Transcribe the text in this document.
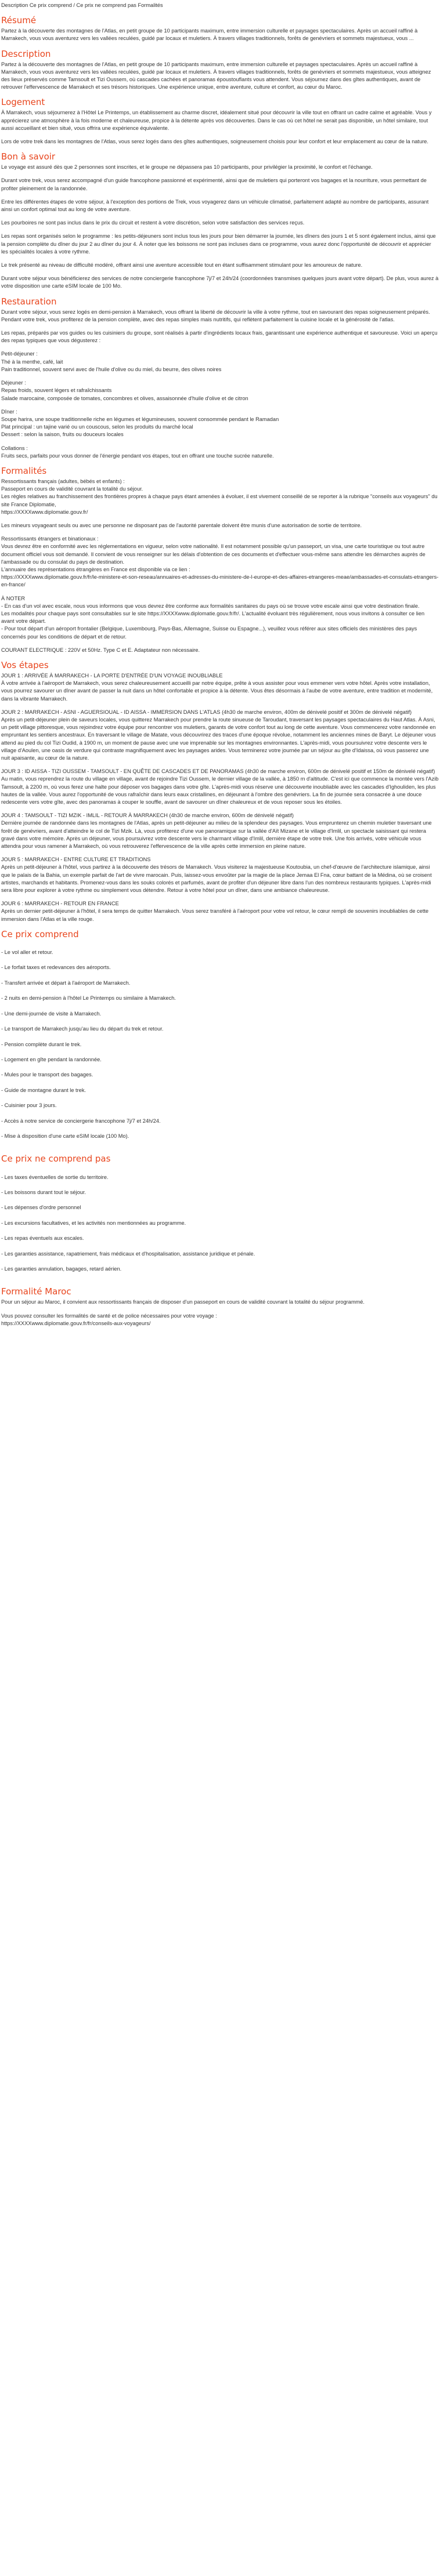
Description Ce prix comprend / Ce prix ne comprend pas Formalités
Résumé
Partez à la découverte des montagnes de l'Atlas, en petit groupe de 10 participants maximum, entre immersion culturelle et paysages spectaculaires. Après un accueil raffiné à Marrakech, vous vous aventurez vers les vallées reculées, guidé par locaux et muletiers. À travers villages traditionnels, forêts de genévriers et sommets majestueux, vous ...
Description
Partez à la découverte des montagnes de l'Atlas, en petit groupe de 10 participants maximum, entre immersion culturelle et paysages spectaculaires. Après un accueil raffiné à Marrakech, vous vous aventurez vers les vallées reculées, guidé par locaux et muletiers. À travers villages traditionnels, forêts de genévriers et sommets majestueux, vous atteignez des lieux préservés comme Tamsoult et Tizi Oussem, où cascades cachées et panoramas époustouflants vous attendent. Vous séjournez dans des gîtes authentiques, avant de retrouver l'effervescence de Marrakech et ses trésors historiques. Une expérience unique, entre aventure, culture et confort, au cœur du Maroc.
Logement
À Marrakech, vous séjournerez à l'Hôtel Le Printemps, un établissement au charme discret, idéalement situé pour découvrir la ville tout en offrant un cadre calme et agréable. Vous y apprécierez une atmosphère à la fois moderne et chaleureuse, propice à la détente après vos découvertes. Dans le cas où cet hôtel ne serait pas disponible, un hôtel similaire, tout aussi accueillant et bien situé, vous offrira une expérience équivalente.
Lors de votre trek dans les montagnes de l'Atlas, vous serez logés dans des gîtes authentiques, soigneusement choisis pour leur confort et leur emplacement au cœur de la nature.
Bon à savoir
Le voyage est assuré dès que 2 personnes sont inscrites, et le groupe ne dépassera pas 10 participants, pour privilégier la proximité, le confort et l'échange.
Durant votre trek, vous serez accompagné d'un guide francophone passionné et expérimenté, ainsi que de muletiers qui porteront vos bagages et la nourriture, vous permettant de profiter pleinement de la randonnée.
Entre les différentes étapes de votre séjour, à l'exception des portions de Trek, vous voyagerez dans un véhicule climatisé, parfaitement adapté au nombre de participants, assurant ainsi un confort optimal tout au long de votre aventure.
Les pourboires ne sont pas inclus dans le prix du circuit et restent à votre discrétion, selon votre satisfaction des services reçus.
Les repas sont organisés selon le programme : les petits-déjeuners sont inclus tous les jours pour bien démarrer la journée, les dîners des jours 1 et 5 sont également inclus, ainsi que la pension complète du dîner du jour 2 au dîner du jour 4. À noter que les boissons ne sont pas incluses dans ce programme, vous aurez donc l'opportunité de découvrir et apprécier les spécialités locales à votre rythme.
Le trek présenté au niveau de difficulté modéré, offrant ainsi une aventure accessible tout en étant suffisamment stimulant pour les amoureux de nature.
Durant votre séjour vous bénéficierez des services de notre conciergerie francophone 7j/7 et 24h/24 (coordonnées transmises quelques jours avant votre départ). De plus, vous aurez à votre disposition une carte eSIM locale de 100 Mo.
Restauration
Durant votre séjour, vous serez logés en demi-pension à Marrakech, vous offrant la liberté de découvrir la ville à votre rythme, tout en savourant des repas soigneusement préparés. Pendant votre trek, vous profiterez de la pension complète, avec des repas simples mais nutritifs, qui reflètent parfaitement la cuisine locale et la générosité de l'atlas.
Les repas, préparés par vos guides ou les cuisiniers du groupe, sont réalisés à partir d'ingrédients locaux frais, garantissant une expérience authentique et savoureuse. Voici un aperçu des repas typiques que vous dégusterez :
Petit-déjeuner :
Thé à la menthe, café, lait
Pain traditionnel, souvent servi avec de l'huile d'olive ou du miel, du beurre, des olives noires
Déjeuner :
Repas froids, souvent légers et rafraîchissants
Salade marocaine, composée de tomates, concombres et olives, assaisonnée d'huile d'olive et de citron
Dîner :
Soupe harira, une soupe traditionnelle riche en légumes et légumineuses, souvent consommée pendant le Ramadan
Plat principal : un tajine varié ou un couscous, selon les produits du marché local
Dessert : selon la saison, fruits ou douceurs locales
Collations :
Fruits secs, parfaits pour vous donner de l'énergie pendant vos étapes, tout en offrant une touche sucrée naturelle.
Formalités
Ressortissants français (adultes, bébés et enfants) :
Passeport en cours de validité couvrant la totalité du séjour.
Les règles relatives au franchissement des frontières propres à chaque pays étant amenées à évoluer, il est vivement conseillé de se reporter à la rubrique "conseils aux voyageurs" du site France Diplomatie,
https://XXXXwww.diplomatie.gouv.fr/
Les mineurs voyageant seuls ou avec une personne ne disposant pas de l'autorité parentale doivent être munis d'une autorisation de sortie de territoire.
Ressortissants étrangers et binationaux :
Vous devrez être en conformité avec les réglementations en vigueur, selon votre nationalité. Il est notamment possible qu'un passeport, un visa, une carte touristique ou tout autre document officiel vous soit demandé. Il convient de vous renseigner sur les délais d'obtention de ces documents et d'effectuer vous-même sans attendre les démarches auprès de l'ambassade ou du consulat du pays de destination.
L'annuaire des représentations étrangères en France est disponible via ce lien :
https://XXXXwww.diplomatie.gouv.fr/fr/le-ministere-et-son-reseau/annuaires-et-adresses-du-ministere-de-l-europe-et-des-affaires-etrangeres-meae/ambassades-et-consulats-etrangers-en-france/
À NOTER
- En cas d'un vol avec escale, nous vous informons que vous devrez être conforme aux formalités sanitaires du pays où se trouve votre escale ainsi que votre destination finale.
Les modalités pour chaque pays sont consultables sur le site https://XXXXwww.diplomatie.gouv.fr/fr/. L'actualité évoluant très régulièrement, nous vous invitons à consulter ce lien avant votre départ.
- Pour tout départ d'un aéroport frontalier (Belgique, Luxembourg, Pays-Bas, Allemagne, Suisse ou Espagne...), veuillez vous référer aux sites officiels des ministères des pays concernés pour les conditions de départ et de retour.
COURANT ELECTRIQUE : 220V et 50Hz. Type C et E. Adaptateur non nécessaire.
Vos étapes
JOUR 1 : ARRIVÉE À MARRAKECH - LA PORTE D'ENTRÉE D'UN VOYAGE INOUBLIABLE
À votre arrivée à l'aéroport de Marrakech, vous serez chaleureusement accueilli par notre équipe, prête à vous assister pour vous emmener vers votre hôtel. Après votre installation, vous pourrez savourer un dîner avant de passer la nuit dans un hôtel confortable et propice à la détente. Vous êtes désormais à l'aube de votre aventure, entre tradition et modernité, dans la vibrante Marrakech.
JOUR 2 : MARRAKECH - ASNI - AGUERSIOUAL - ID AISSA - IMMERSION DANS L'ATLAS (4h30 de marche environ, 400m de dénivelé positif et 300m de dénivelé négatif)
Après un petit-déjeuner plein de saveurs locales, vous quitterez Marrakech pour prendre la route sinueuse de Taroudant, traversant les paysages spectaculaires du Haut Atlas. À Asni, un petit village pittoresque, vous rejoindrez votre équipe pour rencontrer vos muletiers, garants de votre confort tout au long de cette aventure. Vous commencerez votre randonnée en empruntant les sentiers ancestraux. En traversant le village de Matate, vous découvrirez des traces d'une époque révolue, notamment les anciennes mines de Baryt. Le déjeuner vous attend au pied du col Tizi Oudid, à 1900 m, un moment de pause avec une vue imprenable sur les montagnes environnantes. L'après-midi, vous poursuivrez votre descente vers le village d'Aoulen, une oasis de verdure qui contraste magnifiquement avec les paysages arides. Vous terminerez votre journée par un séjour au gîte d'Idaissa, où vous passerez une nuit apaisante, au cœur de la nature.
JOUR 3 : ID AISSA - TIZI OUSSEM - TAMSOULT - EN QUÊTE DE CASCADES ET DE PANORAMAS (4h30 de marche environ, 600m de dénivelé positif et 150m de dénivelé négatif)
Au matin, vous reprendrez la route du village en village, avant de rejoindre Tizi Oussem, le dernier village de la vallée, à 1850 m d'altitude. C'est ici que commence la montée vers l'Azib Tamsoult, à 2200 m, où vous ferez une halte pour déposer vos bagages dans votre gîte. L'après-midi vous réserve une découverte inoubliable avec les cascades d'Ighouliden, les plus hautes de la vallée. Vous aurez l'opportunité de vous rafraîchir dans leurs eaux cristallines, en déjeunant à l'ombre des genévriers. La fin de journée sera consacrée à une douce redescente vers votre gîte, avec des panoramas à couper le souffle, avant de savourer un dîner chaleureux et de vous reposer sous les étoiles.
JOUR 4 : TAMSOULT - TIZI MZIK - IMLIL - RETOUR À MARRAKECH (4h30 de marche environ, 600m de dénivelé négatif)
Dernière journée de randonnée dans les montagnes de l'Atlas, après un petit-déjeuner au milieu de la splendeur des paysages. Vous emprunterez un chemin muletier traversant une forêt de genévriers, avant d'atteindre le col de Tizi Mzik. Là, vous profiterez d'une vue panoramique sur la vallée d'Aït Mizane et le village d'Imlil, un spectacle saisissant qui restera gravé dans votre mémoire. Après un déjeuner, vous poursuivrez votre descente vers le charmant village d'Imlil, dernière étape de votre trek. Une fois arrivés, votre véhicule vous attendra pour vous ramener à Marrakech, où vous retrouverez l'effervescence de la ville après cette immersion en pleine nature.
JOUR 5 : MARRAKECH - ENTRE CULTURE ET TRADITIONS
Après un petit-déjeuner à l'hôtel, vous partirez à la découverte des trésors de Marrakech. Vous visiterez la majestueuse Koutoubia, un chef-d'œuvre de l'architecture islamique, ainsi que le palais de la Bahia, un exemple parfait de l'art de vivre marocain. Puis, laissez-vous envoûter par la magie de la place Jemaa El Fna, cœur battant de la Médina, où se croisent artistes, marchands et habitants. Promenez-vous dans les souks colorés et parfumés, avant de profiter d'un déjeuner libre dans l'un des nombreux restaurants typiques. L'après-midi sera libre pour explorer à votre rythme ou simplement vous détendre. Retour à votre hôtel pour un dîner, dans une ambiance chaleureuse.
JOUR 6 : MARRAKECH - RETOUR EN FRANCE
Après un dernier petit-déjeuner à l'hôtel, il sera temps de quitter Marrakech. Vous serez transféré à l'aéroport pour votre vol retour, le cœur rempli de souvenirs inoubliables de cette immersion dans l'Atlas et la ville rouge.
Ce prix comprend

- Le vol aller et retour.

- Le forfait taxes et redevances des aéroports.

- Transfert arrivée et départ à l'aéroport de Marrakech.

- 2 nuits en demi-pension à l'hôtel Le Printemps ou similaire à Marrakech.

- Une demi-journée de visite à Marrakech.

- Le transport de Marrakech jusqu'au lieu du départ du trek et retour.

- Pension complète durant le trek.

- Logement en gîte pendant la randonnée.

- Mules pour le transport des bagages.

- Guide de montagne durant le trek.

- Cuisinier pour 3 jours.

- Accès à notre service de conciergerie francophone 7j/7 et 24h/24.

- Mise à disposition d'une carte eSIM locale (100 Mo).

Ce prix ne comprend pas

- Les taxes éventuelles de sortie du territoire.

- Les boissons durant tout le séjour.

- Les dépenses d'ordre personnel

- Les excursions facultatives, et les activités non mentionnées au programme.

- Les repas éventuels aux escales.

- Les garanties assistance, rapatriement, frais médicaux et d'hospitalisation, assistance juridique et pénale.

- Les garanties annulation, bagages, retard aérien.

Formalité Maroc
Pour un séjour au Maroc, il convient aux ressortissants français de disposer d'un passeport en cours de validité couvrant la totalité du séjour programmé.
Vous pouvez consulter les formalités de santé et de police nécessaires pour votre voyage :
https://XXXXwww.diplomatie.gouv.fr/fr/conseils-aux-voyageurs/
